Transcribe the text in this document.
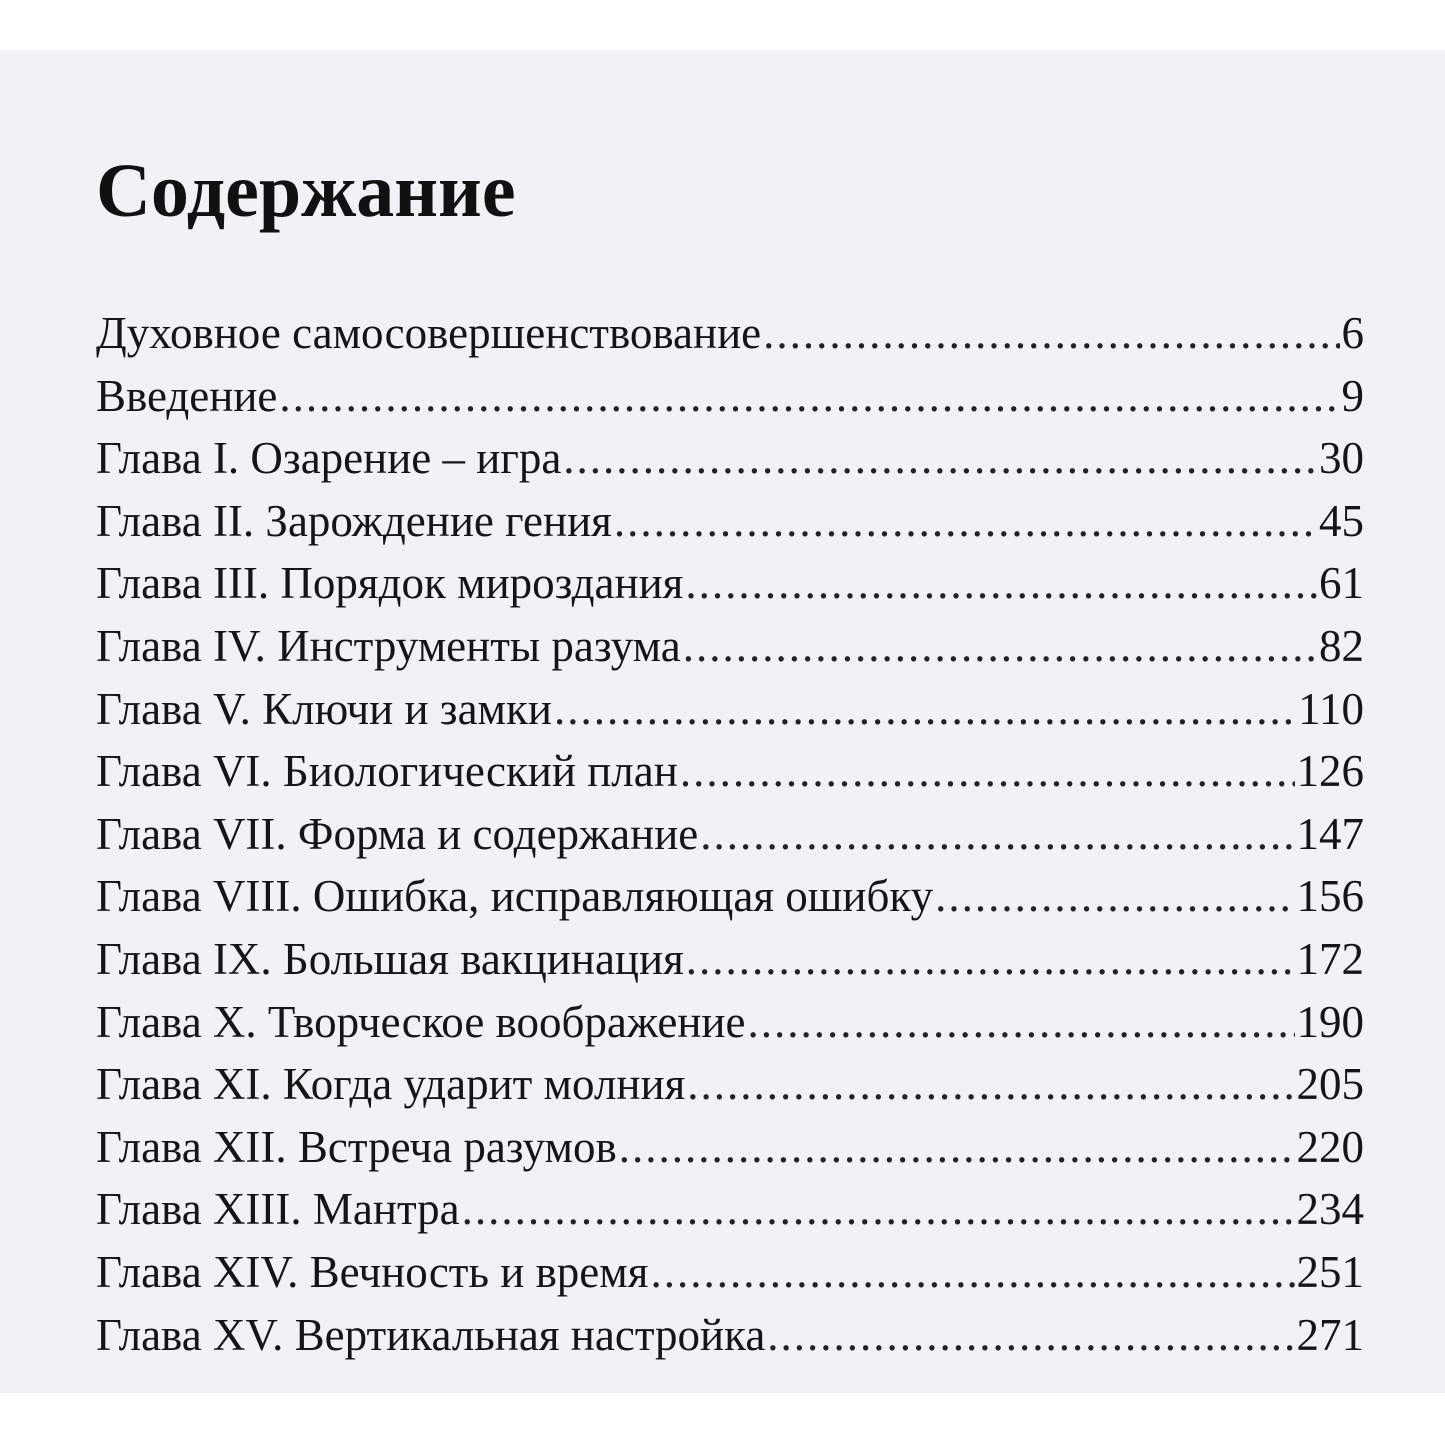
Содержание
Духовное самосовершенствование .....	6
Введение .....	9
Глава I. Озарение – игра .....	30
Глава II. Зарождение гения .....	45
Глава III. Порядок мироздания .....	61
Глава IV. Инструменты разума .....	82
Глава V. Ключи и замки .....	110
Глава VI. Биологический план .....	126
Глава VII. Форма и содержание .....	147
Глава VIII. Ошибка, исправляющая ошибку .....	156
Глава IX. Большая вакцинация .....	172
Глава X. Творческое воображение .....	190
Глава XI. Когда ударит молния .....	205
Глава XII. Встреча разумов .....	220
Глава XIII. Мантра .....	234
Глава XIV. Вечность и время .....	251
Глава XV. Вертикальная настройка .....	271
